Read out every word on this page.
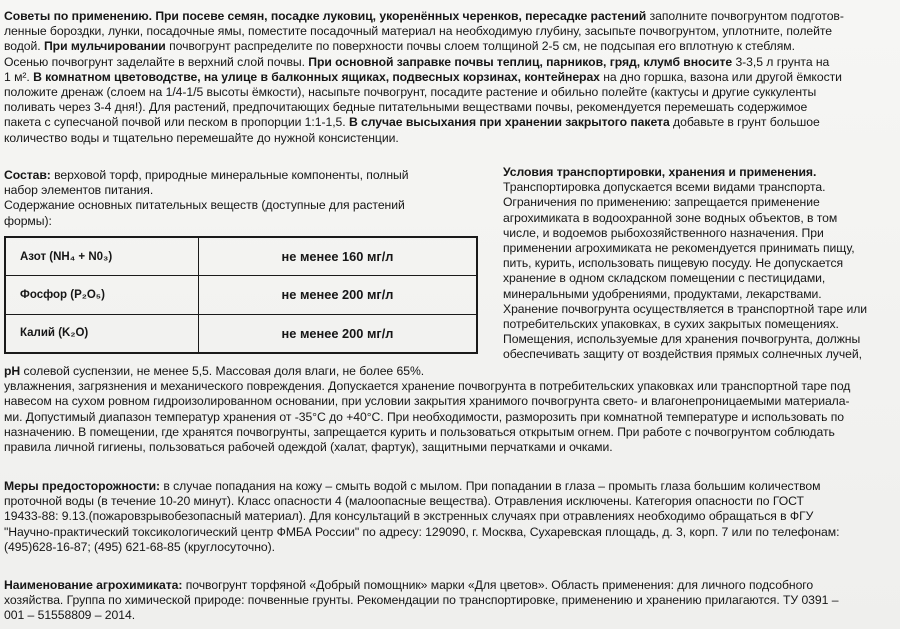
Советы по применению. При посеве семян, посадке луковиц, укоренённых черенков, пересадке растений заполните почвогрунтом подготов-
ленные бороздки, лунки, посадочные ямы, поместите посадочный материал на необходимую глубину, засыпьте почвогрунтом, уплотните, полейте
водой. При мульчировании почвогрунт распределите по поверхности почвы слоем толщиной 2-5 см, не подсыпая его вплотную к стеблям.
Осенью почвогрунт заделайте в верхний слой почвы. При основной заправке почвы теплиц, парников, гряд, клумб вносите 3-3,5 л грунта на
1 м². В комнатном цветоводстве, на улице в балконных ящиках, подвесных корзинах, контейнерах на дно горшка, вазона или другой ёмкости
положите дренаж (слоем на 1/4-1/5 высоты ёмкости), насыпьте почвогрунт, посадите растение и обильно полейте (кактусы и другие суккуленты
поливать через 3-4 дня!). Для растений, предпочитающих бедные питательными веществами почвы, рекомендуется перемешать содержимое
пакета с супесчаной почвой или песком в пропорции 1:1-1,5. В случае высыхания при хранении закрытого пакета добавьте в грунт большое
количество воды и тщательно перемешайте до нужной консистенции.
Состав: верховой торф, природные минеральные компоненты, полный
набор элементов питания.
Содержание основных питательных веществ (доступные для растений
формы):
Азот (NH₄ + N0₃)	не менее 160 мг/л
Фосфор (P₂O₅)	не менее 200 мг/л
Калий (K₂O)	не менее 200 мг/л
Условия транспортировки, хранения и применения.
Транспортировка допускается всеми видами транспорта.
Ограничения по применению: запрещается применение
агрохимиката в водоохранной зоне водных объектов, в том
числе, и водоемов рыбохозяйственного назначения. При
применении агрохимиката не рекомендуется принимать пищу,
пить, курить, использовать пищевую посуду. Не допускается
хранение в одном складском помещении с пестицидами,
минеральными удобрениями, продуктами, лекарствами.
Хранение почвогрунта осуществляется в транспортной таре или
потребительских упаковках, в сухих закрытых помещениях.
Помещения, используемые для хранения почвогрунта, должны
обеспечивать защиту от воздействия прямых солнечных лучей,
pH солевой суспензии, не менее 5,5. Массовая доля влаги, не более 65%.
увлажнения, загрязнения и механического повреждения. Допускается хранение почвогрунта в потребительских упаковках или транспортной таре под
навесом на сухом ровном гидроизолированном основании, при условии закрытия хранимого почвогрунта свето- и влагонепроницаемыми материала-
ми. Допустимый диапазон температур хранения от -35°С до +40°С. При необходимости, разморозить при комнатной температуре и использовать по
назначению. В помещении, где хранятся почвогрунты, запрещается курить и пользоваться открытым огнем. При работе с почвогрунтом соблюдать
правила личной гигиены, пользоваться рабочей одеждой (халат, фартук), защитными перчатками и очками.
Меры предосторожности: в случае попадания на кожу – смыть водой с мылом. При попадании в глаза – промыть глаза большим количеством
проточной воды (в течение 10-20 минут). Класс опасности 4 (малоопасные вещества). Отравления исключены. Категория опасности по ГОСТ
19433-88: 9.13.(пожаровзрывобезопасный материал). Для консультаций в экстренных случаях при отравлениях необходимо обращаться в ФГУ
"Научно-практический токсикологический центр ФМБА России" по адресу: 129090, г. Москва, Сухаревская площадь, д. 3, корп. 7 или по телефонам:
(495)628-16-87; (495) 621-68-85 (круглосуточно).
Наименование агрохимиката: почвогрунт торфяной «Добрый помощник» марки «Для цветов». Область применения: для личного подсобного
хозяйства. Группа по химической природе: почвенные грунты. Рекомендации по транспортировке, применению и хранению прилагаются. ТУ 0391 –
001 – 51558809 – 2014.
